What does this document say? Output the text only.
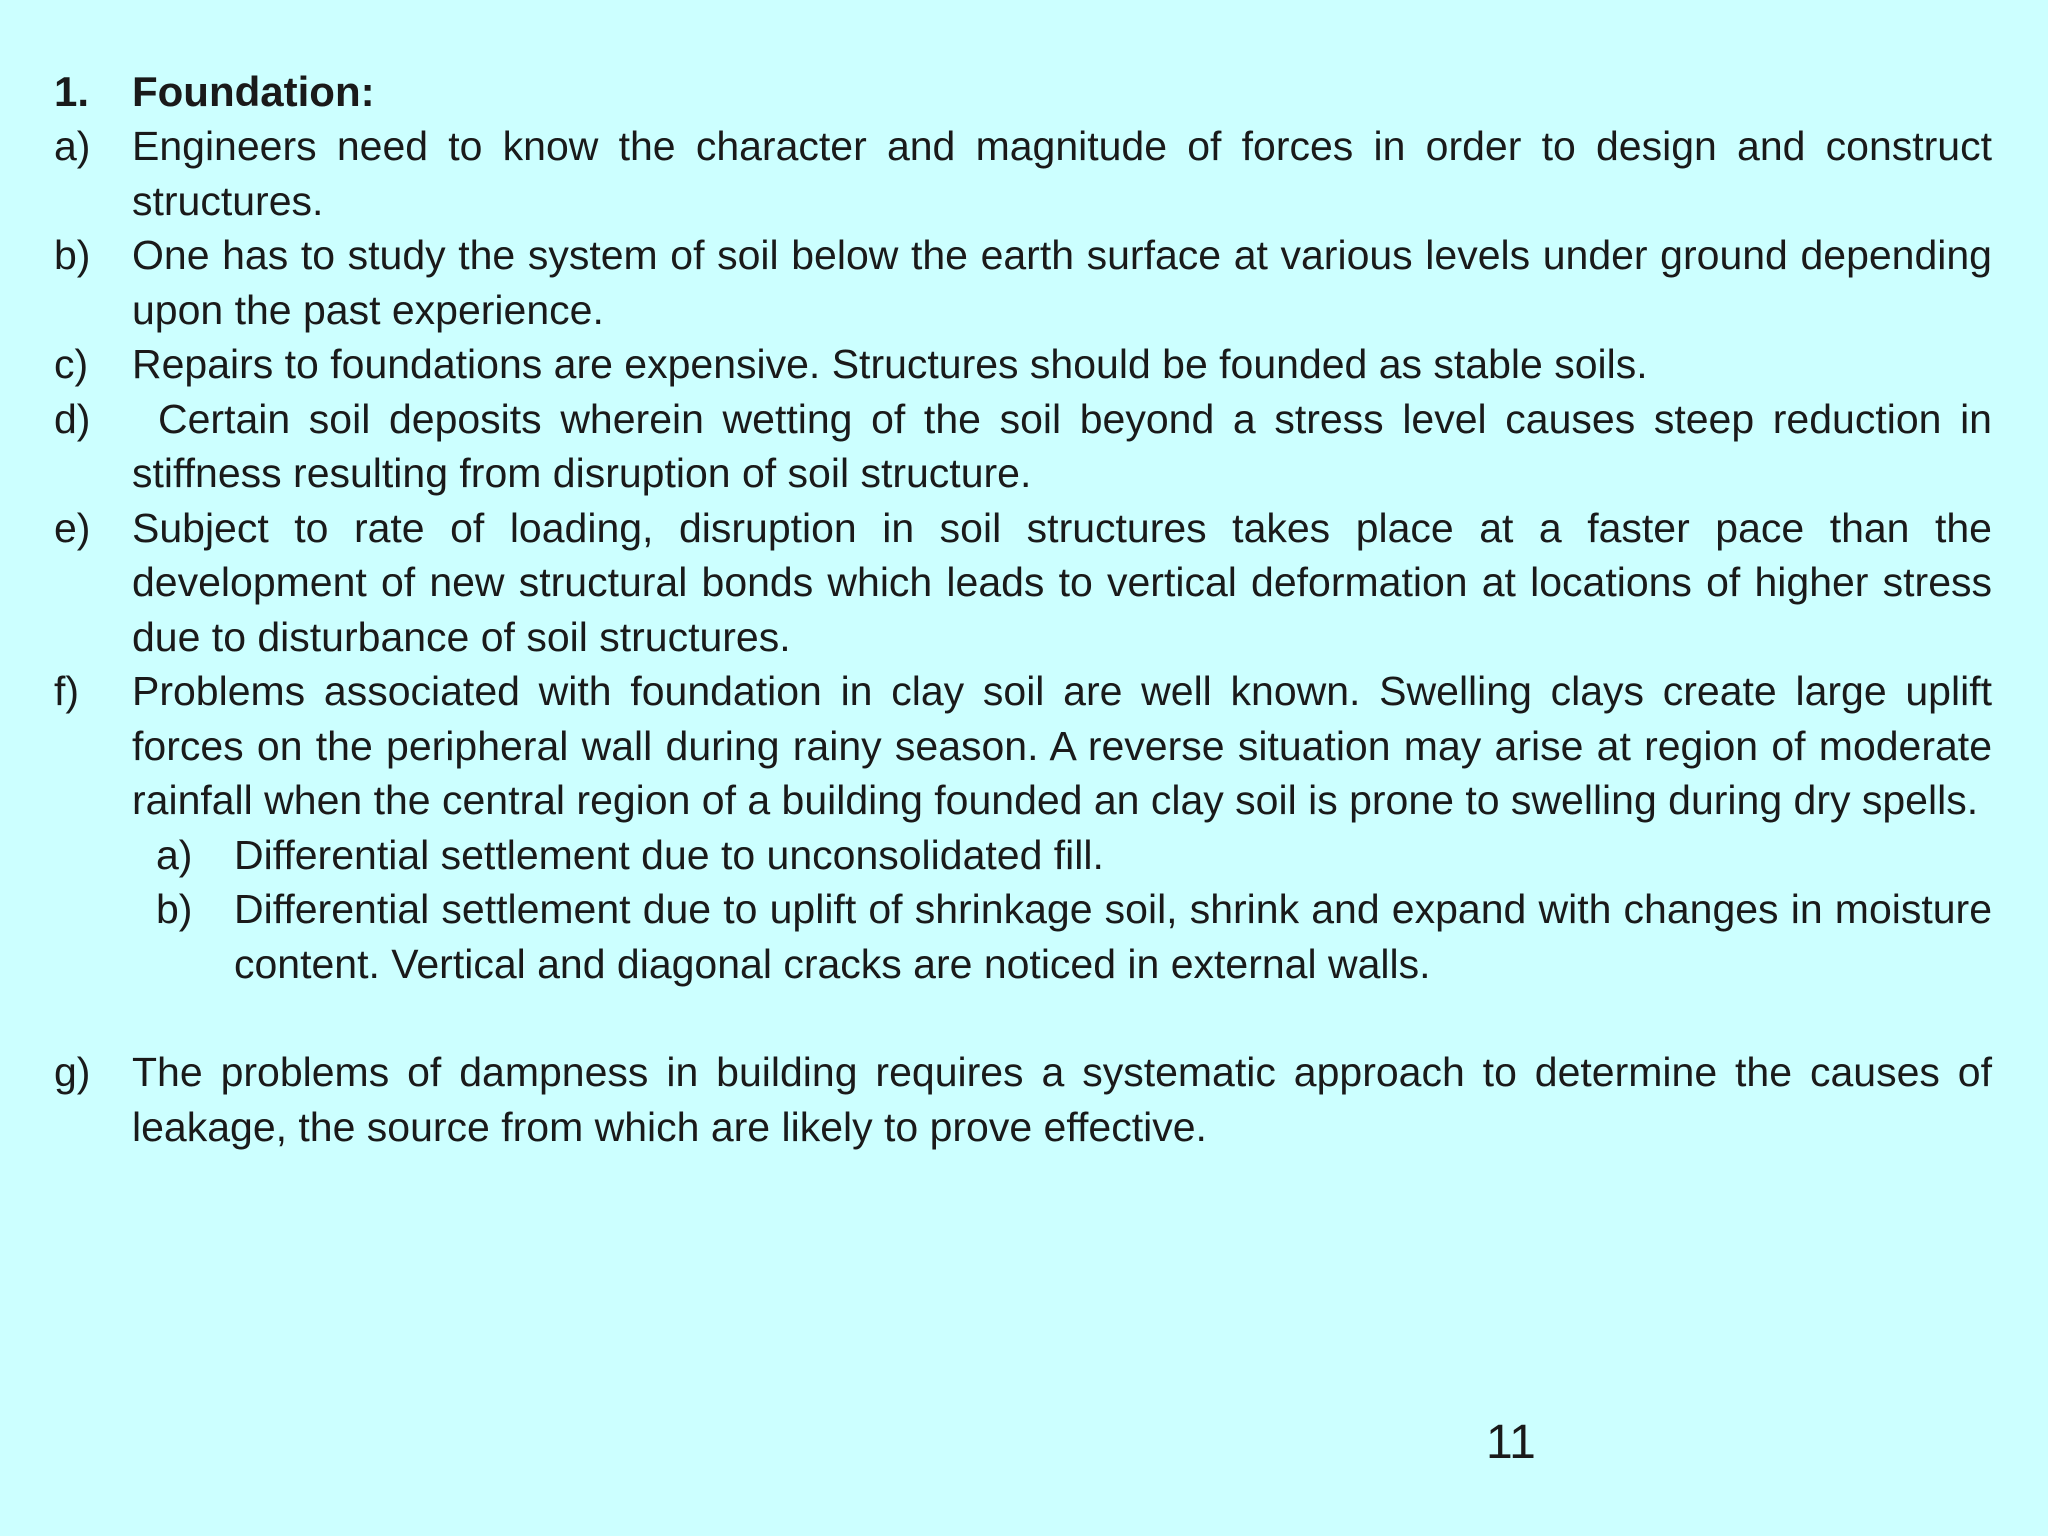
1. Foundation:
a)	Engineers need to know the character and magnitude of forces in order to design and construct structures.
b)	One has to study the system of soil below the earth surface at various levels under ground depending upon the past experience.
c)	Repairs to foundations are expensive. Structures should be founded as stable soils.
d)	Certain soil deposits wherein wetting of the soil beyond a stress level causes steep reduction in stiffness resulting from disruption of soil structure.
e)	Subject to rate of loading, disruption in soil structures takes place at a faster pace than the development of new structural bonds which leads to vertical deformation at locations of higher stress due to disturbance of soil structures.
f)	Problems associated with foundation in clay soil are well known. Swelling clays create large uplift forces on the peripheral wall during rainy season. A reverse situation may arise at region of moderate rainfall when the central region of a building founded an clay soil is prone to swelling during dry spells.
a)	Differential settlement due to unconsolidated fill.
b)	Differential settlement due to uplift of shrinkage soil, shrink and expand with changes in moisture content. Vertical and diagonal cracks are noticed in external walls.
g)	The problems of dampness in building requires a systematic approach to determine the causes of leakage, the source from which are likely to prove effective.
11
